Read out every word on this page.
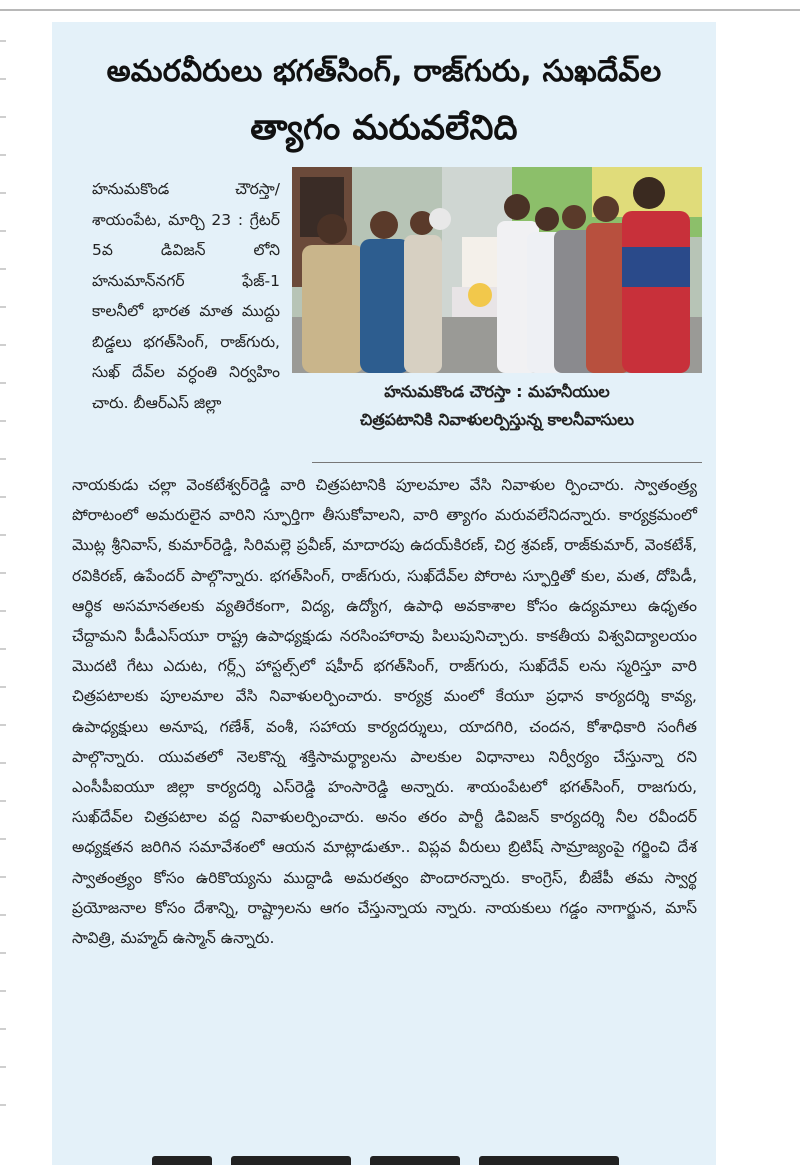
అమరవీరులు భగత్‌సింగ్, రాజ్‌గురు, సుఖదేవ్‌ల
త్యాగం మరువలేనిది
హనుమకొండ చౌరస్తా/శాయంపేట, మార్చి 23 : గ్రేటర్ 5వ డివిజన్ లోని హనుమాన్‌నగర్ ఫేజ్-1 కాలనీలో భారత మాత ముద్దు బిడ్డలు భగత్‌సింగ్, రాజ్‌గురు, సుఖ్ దేవ్‌ల వర్ధంతి నిర్వహిం చారు. బీఆర్ఎస్ జిల్లా
హనుమకొండ చౌరస్తా : మహనీయుల
చిత్రపటానికి నివాళులర్పిస్తున్న కాలనీవాసులు
నాయకుడు చల్లా వెంకటేశ్వర్‌రెడ్డి వారి చిత్రపటానికి పూలమాల వేసి నివాళుల ర్పించారు. స్వాతంత్ర్య పోరాటంలో అమరులైన వారిని స్ఫూర్తిగా తీసుకోవాలని, వారి త్యాగం మరువలేనిదన్నారు. కార్యక్రమంలో మొట్ల శ్రీనివాస్, కుమార్‌రెడ్డి, సిరిమల్లె ప్రవీణ్, మాదారపు ఉదయ్‌కిరణ్, చిర్ర శ్రవణ్, రాజ్‌కుమార్, వెంకటేశ్, రవికిరణ్, ఉపేందర్ పాల్గొన్నారు. భగత్‌సింగ్, రాజ్‌గురు, సుఖ్‌దేవ్‌ల పోరాట స్ఫూర్తితో కుల, మత, దోపిడీ, ఆర్థిక అసమానతలకు వ్యతిరేకంగా, విద్య, ఉద్యోగ, ఉపాధి అవకాశాల కోసం ఉద్యమాలు ఉధృతం చేద్దామని పీడీఎస్‌యూ రాష్ట్ర ఉపాధ్యక్షుడు నరసింహారావు పిలుపునిచ్చారు. కాకతీయ విశ్వవిద్యాలయం మొదటి గేటు ఎదుట, గర్ల్స్ హాస్టల్స్‌లో షహీద్ భగత్‌సింగ్, రాజ్‌గురు, సుఖ్‌దేవ్ లను స్మరిస్తూ వారి చిత్రపటాలకు పూలమాల వేసి నివాళులర్పించారు. కార్యక్ర మంలో కేయూ ప్రధాన కార్యదర్శి కావ్య, ఉపాధ్యక్షులు అనూష, గణేశ్, వంశీ, సహాయ కార్యదర్శులు, యాదగిరి, చందన, కోశాధికారి సంగీత పాల్గొన్నారు. యువతలో నెలకొన్న శక్తిసామర్థ్యాలను పాలకుల విధానాలు నిర్వీర్యం చేస్తున్నా రని ఎంసీపీఐయూ జిల్లా కార్యదర్శి ఎస్‌రెడ్డి హంసారెడ్డి అన్నారు. శాయంపేటలో భగత్‌సింగ్, రాజగురు, సుఖ్‌దేవ్‌ల చిత్రపటాల వద్ద నివాళులర్పించారు. అనం తరం పార్టీ డివిజన్ కార్యదర్శి నీల రవీందర్ అధ్యక్షతన జరిగిన సమావేశంలో ఆయన మాట్లాడుతూ.. విప్లవ వీరులు బ్రిటిష్ సామ్రాజ్యంపై గర్జించి దేశ స్వాతంత్ర్యం కోసం ఉరికొయ్యను ముద్దాడి అమరత్వం పొందారన్నారు. కాంగ్రెస్, బీజేపీ తమ స్వార్థ ప్రయోజనాల కోసం దేశాన్ని, రాష్ట్రాలను ఆగం చేస్తున్నాయ న్నారు. నాయకులు గడ్డం నాగార్జున, మాస్ సావిత్రి, మహ్మద్ ఉస్మాన్ ఉన్నారు.
